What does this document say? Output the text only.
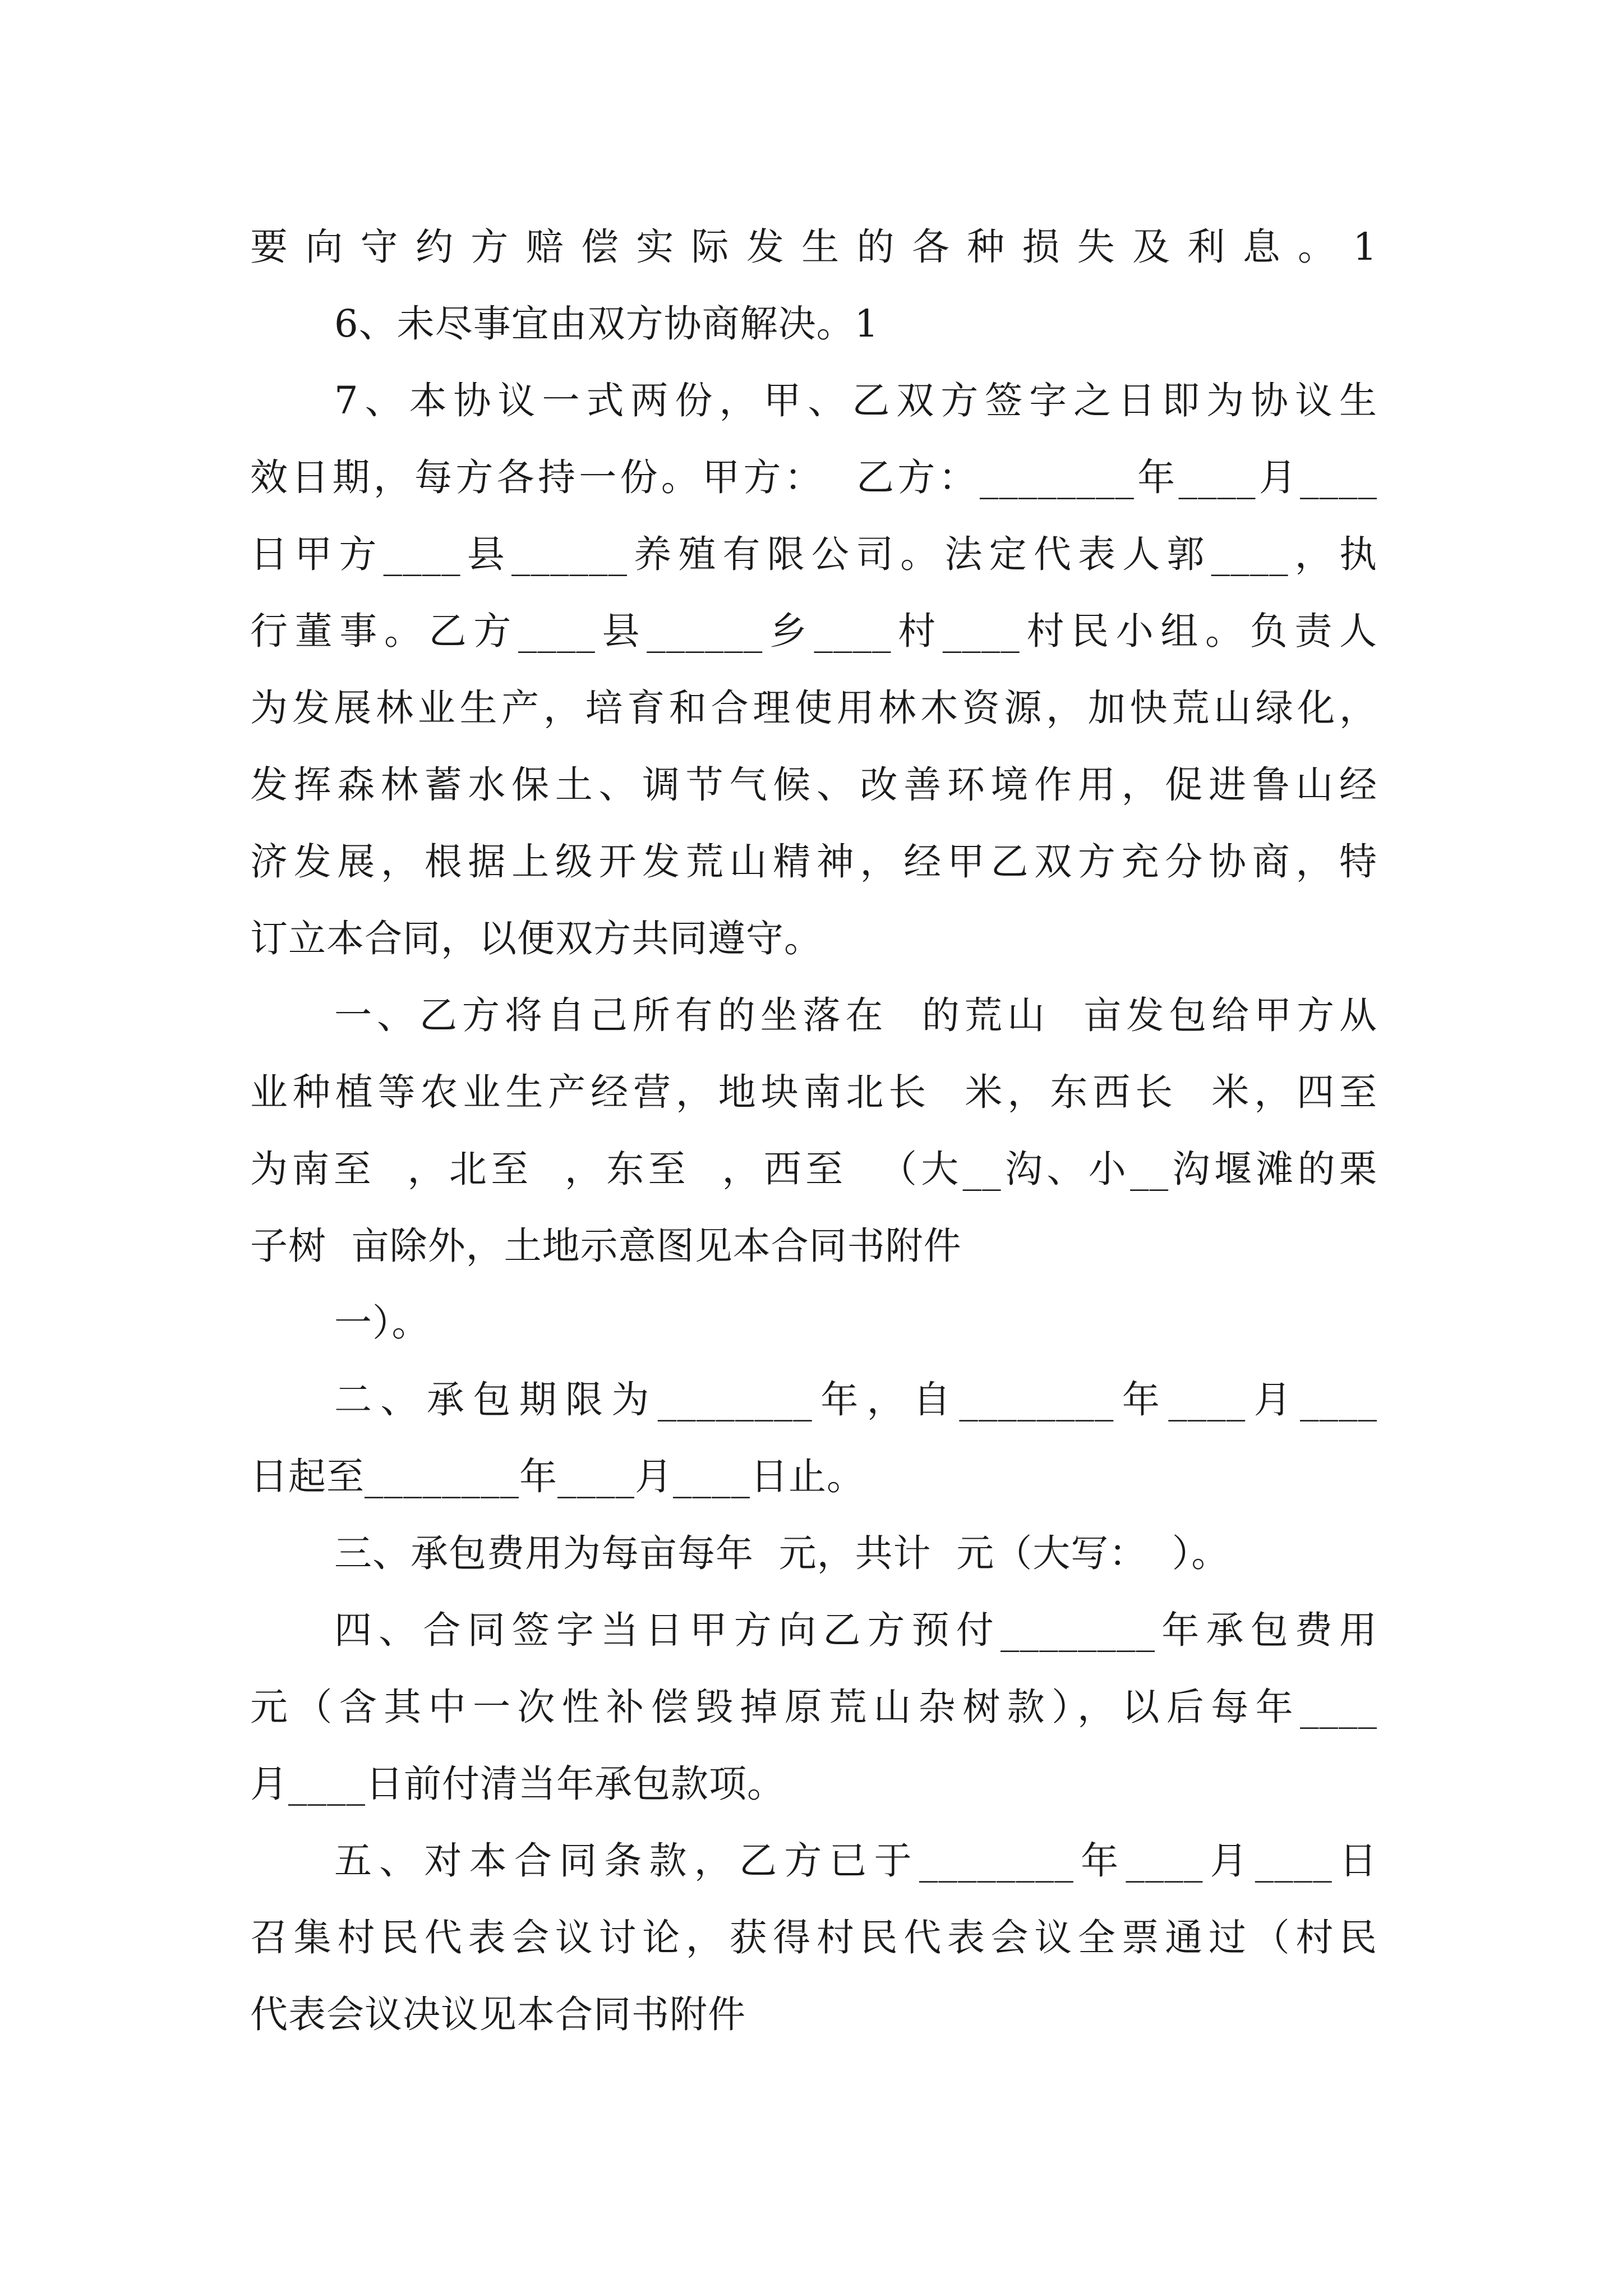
要向守约方赔偿实际发生的各种损失及利息。1
6、未尽事宜由双方协商解决。1
7、本协议一式两份，甲、乙双方签字之日即为协议生
效日期，每方各持一份。甲方：  乙方：________年____月____
日甲方____县______养殖有限公司。法定代表人郭____，执
行董事。乙方____县______乡____村____村民小组。负责人
为发展林业生产，培育和合理使用林木资源，加快荒山绿化，
发挥森林蓄水保土、调节气候、改善环境作用，促进鲁山经
济发展，根据上级开发荒山精神，经甲乙双方充分协商，特
订立本合同，以便双方共同遵守。
一、乙方将自己所有的坐落在  的荒山  亩发包给甲方从
业种植等农业生产经营，地块南北长  米，东西长  米，四至
为南至  ，北至  ，东至  ，西至  （大__沟、小__沟堰滩的栗
子树  亩除外，土地示意图见本合同书附件
一）。
二、承包期限为________年，自________年____月____
日起至________年____月____日止。
三、承包费用为每亩每年  元，共计  元（大写：  ）。
四、合同签字当日甲方向乙方预付________年承包费用
元（含其中一次性补偿毁掉原荒山杂树款），以后每年____
月____日前付清当年承包款项。
五、对本合同条款，乙方已于________年____月____日
召集村民代表会议讨论，获得村民代表会议全票通过（村民
代表会议决议见本合同书附件
